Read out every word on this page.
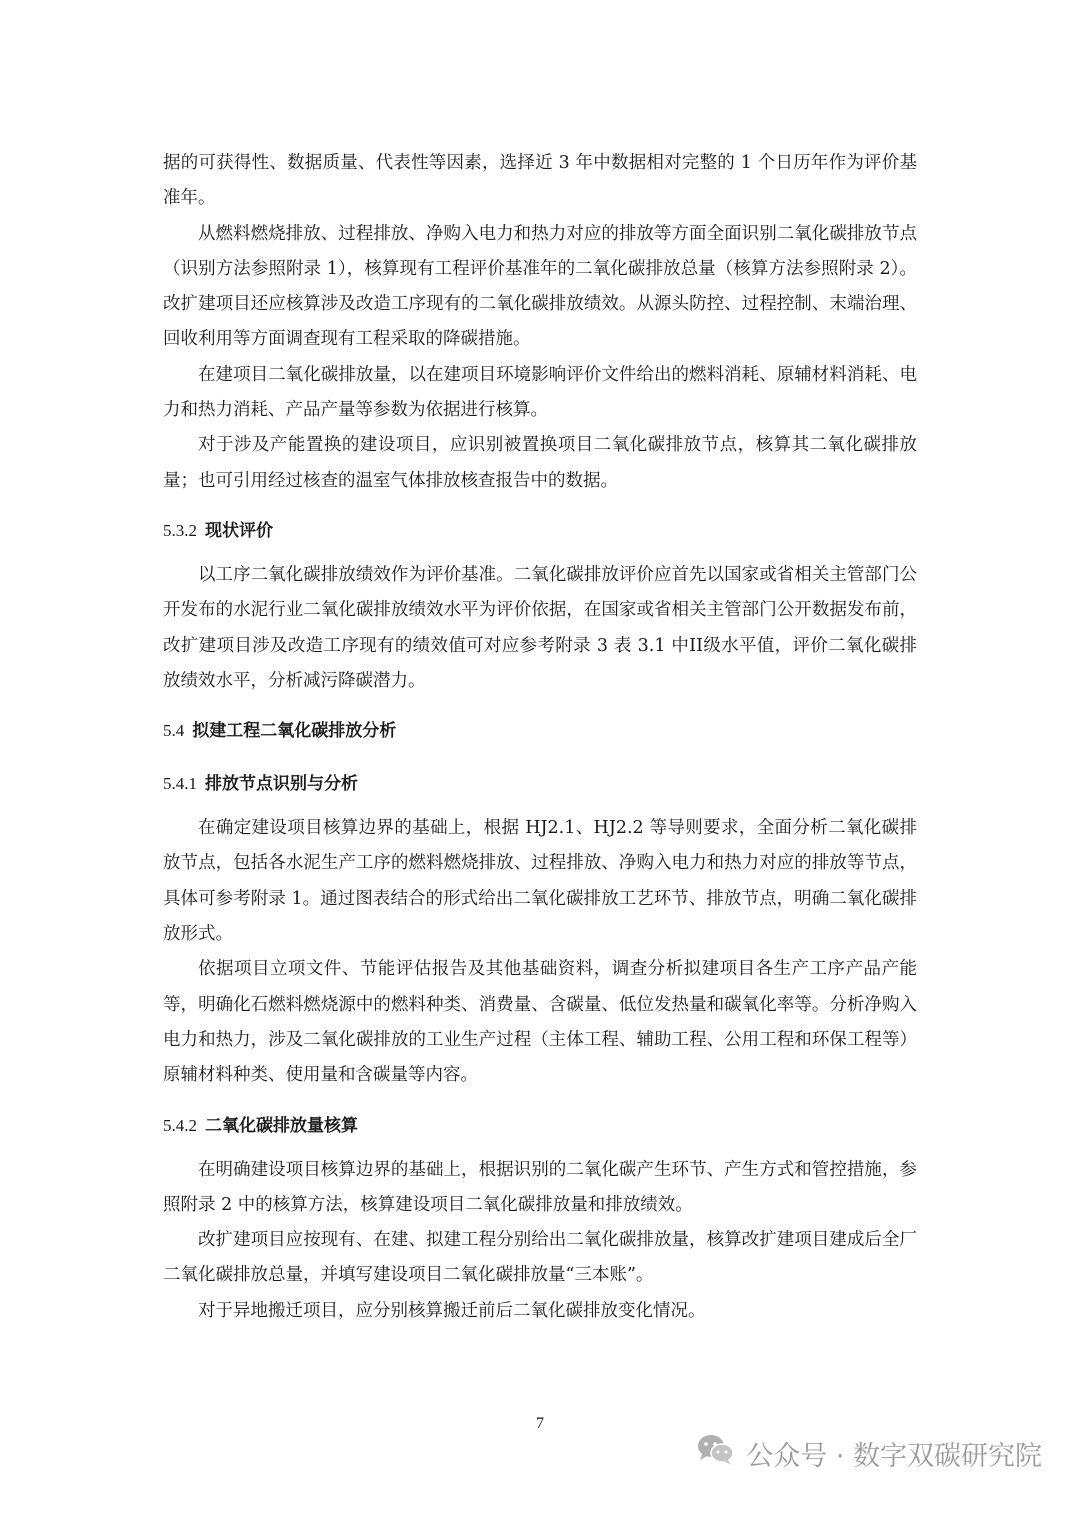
据的可获得性、数据质量、代表性等因素，选择近 3 年中数据相对完整的 1 个日历年作为评价基准年。

从燃料燃烧排放、过程排放、净购入电力和热力对应的排放等方面全面识别二氧化碳排放节点（识别方法参照附录 1），核算现有工程评价基准年的二氧化碳排放总量（核算方法参照附录 2）。改扩建项目还应核算涉及改造工序现有的二氧化碳排放绩效。从源头防控、过程控制、末端治理、回收利用等方面调查现有工程采取的降碳措施。

在建项目二氧化碳排放量，以在建项目环境影响评价文件给出的燃料消耗、原辅材料消耗、电力和热力消耗、产品产量等参数为依据进行核算。

对于涉及产能置换的建设项目，应识别被置换项目二氧化碳排放节点，核算其二氧化碳排放量；也可引用经过核查的温室气体排放核查报告中的数据。

5.3.2 现状评价

以工序二氧化碳排放绩效作为评价基准。二氧化碳排放评价应首先以国家或省相关主管部门公开发布的水泥行业二氧化碳排放绩效水平为评价依据，在国家或省相关主管部门公开数据发布前，改扩建项目涉及改造工序现有的绩效值可对应参考附录 3 表 3.1 中II级水平值，评价二氧化碳排放绩效水平，分析减污降碳潜力。

5.4 拟建工程二氧化碳排放分析
5.4.1 排放节点识别与分析

在确定建设项目核算边界的基础上，根据 HJ2.1、HJ2.2 等导则要求，全面分析二氧化碳排放节点，包括各水泥生产工序的燃料燃烧排放、过程排放、净购入电力和热力对应的排放等节点，具体可参考附录 1。通过图表结合的形式给出二氧化碳排放工艺环节、排放节点，明确二氧化碳排放形式。

依据项目立项文件、节能评估报告及其他基础资料，调查分析拟建项目各生产工序产品产能等，明确化石燃料燃烧源中的燃料种类、消费量、含碳量、低位发热量和碳氧化率等。分析净购入电力和热力，涉及二氧化碳排放的工业生产过程（主体工程、辅助工程、公用工程和环保工程等）原辅材料种类、使用量和含碳量等内容。

5.4.2 二氧化碳排放量核算

在明确建设项目核算边界的基础上，根据识别的二氧化碳产生环节、产生方式和管控措施，参照附录 2 中的核算方法，核算建设项目二氧化碳排放量和排放绩效。

改扩建项目应按现有、在建、拟建工程分别给出二氧化碳排放量，核算改扩建项目建成后全厂二氧化碳排放总量，并填写建设项目二氧化碳排放量“三本账”。

对于异地搬迁项目，应分别核算搬迁前后二氧化碳排放变化情况。

7
公众号 · 数字双碳研究院
